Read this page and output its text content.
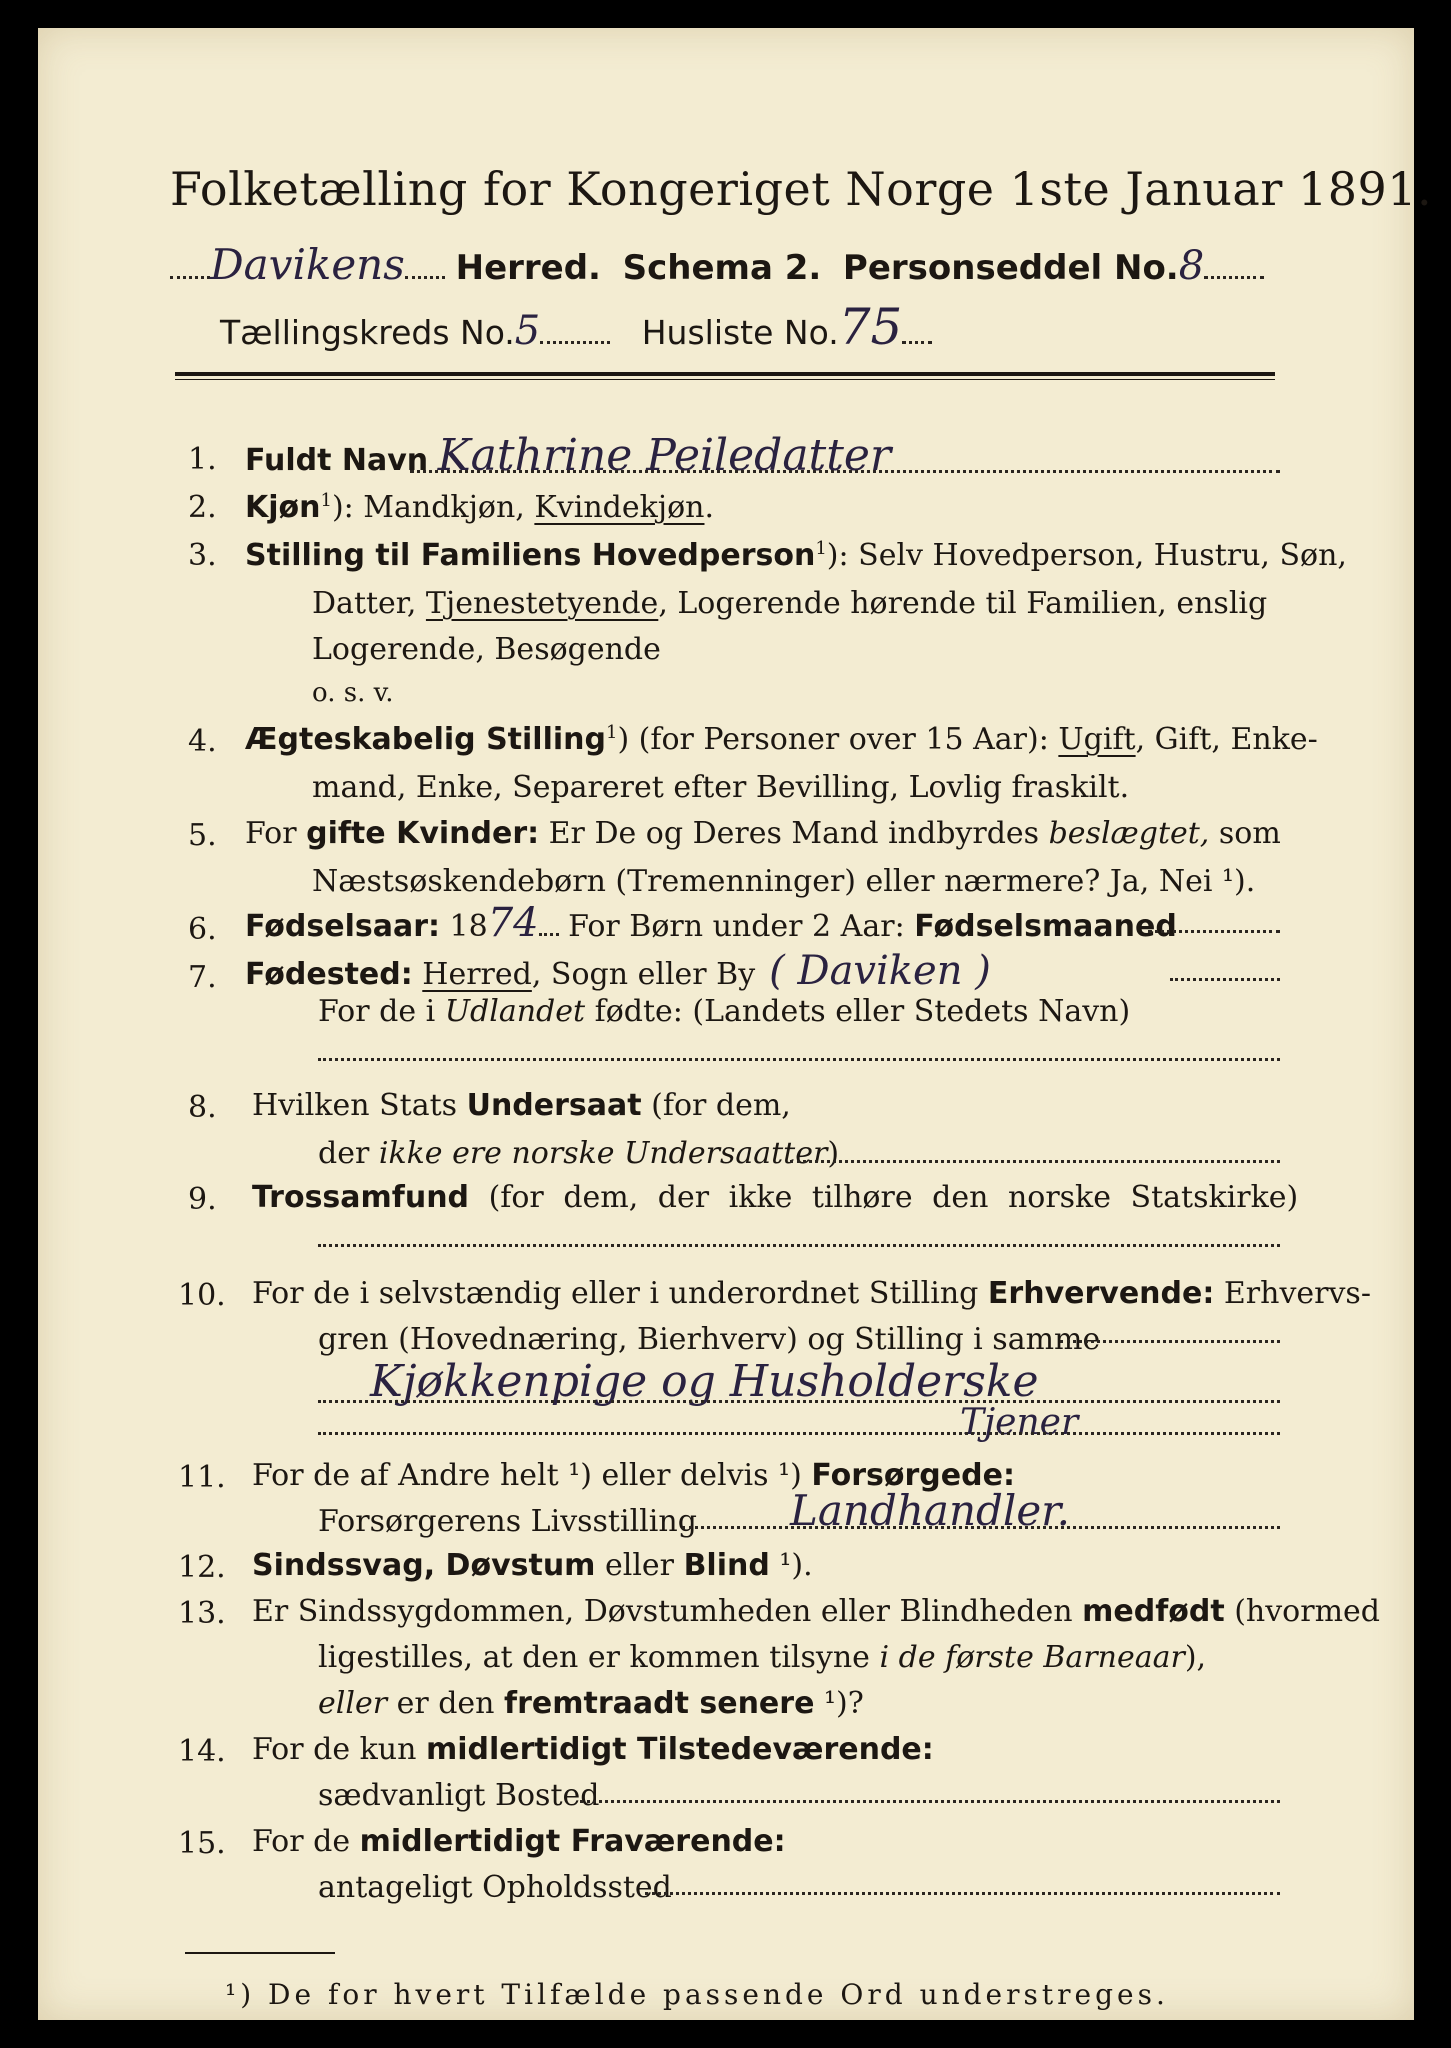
Folketælling for Kongeriget Norge 1ste Januar 1891.
Davikens Herred. Schema 2. Personseddel No.8
Tællingskreds No.5	Husliste No.75
1. Fuldt Navn Kathrine Peiledatter
2. Kjøn$^1$): Mandkjøn, Kvindekjøn.
3. Stilling til Familiens Hovedperson$^1$): Selv Hovedperson, Hustru, Søn,
Datter, Tjenestetyende, Logerende hørende til Familien, enslig
Logerende, Besøgende
o. s. v.
4. Ægteskabelig Stilling$^1$) (for Personer over 15 Aar): Ugift, Gift, Enke-
mand, Enke, Separeret efter Bevilling, Lovlig fraskilt.
5. For gifte Kvinder: Er De og Deres Mand indbyrdes beslægtet, som
Næstsøskendebørn (Tremenninger) eller nærmere? Ja, Nei ¹).
6. Fødselsaar: 1874 For Børn under 2 Aar: Fødselsmaaned
7. Fødested: Herred, Sogn eller By ( Daviken )
For de i Udlandet fødte: (Landets eller Stedets Navn)
8. Hvilken Stats Undersaat (for dem,
der ikke ere norske Undersaatter)
9. Trossamfund (for dem, der ikke tilhøre den norske Statskirke)
10. For de i selvstændig eller i underordnet Stilling Erhvervende: Erhvervs-
gren (Hovednæring, Bierhverv) og Stilling i samme
Kjøkkenpige og Husholderske
Tjener
11. For de af Andre helt ¹) eller delvis ¹) Forsørgede:
Forsørgerens Livsstilling Landhandler.
12. Sindssvag, Døvstum eller Blind ¹).
13. Er Sindssygdommen, Døvstumheden eller Blindheden medfødt (hvormed
ligestilles, at den er kommen tilsyne i de første Barneaar),
eller er den fremtraadt senere ¹)?
14. For de kun midlertidigt Tilstedeværende:
sædvanligt Bosted
15. For de midlertidigt Fraværende:
antageligt Opholdssted
¹) De for hvert Tilfælde passende Ord understreges.
